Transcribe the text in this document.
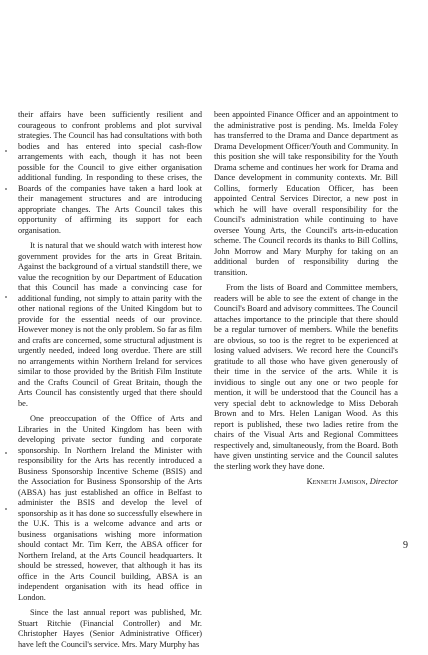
their affairs have been sufficiently resilient and courageous to confront problems and plot survival strategies. The Council has had consultations with both bodies and has entered into special cash-flow arrangements with each, though it has not been possible for the Council to give either organisation additional funding. In responding to these crises, the Boards of the companies have taken a hard look at their management structures and are introducing appropriate changes. The Arts Council takes this opportunity of affirming its support for each organisation.

It is natural that we should watch with interest how government provides for the arts in Great Britain. Against the background of a virtual standstill there, we value the recognition by our Department of Education that this Council has made a convincing case for additional funding, not simply to attain parity with the other national regions of the United Kingdom but to provide for the essential needs of our province. However money is not the only problem. So far as film and crafts are concerned, some structural adjustment is urgently needed, indeed long overdue. There are still no arrangements within Northern Ireland for services similar to those provided by the British Film Institute and the Crafts Council of Great Britain, though the Arts Council has consistently urged that there should be.

One preoccupation of the Office of Arts and Libraries in the United Kingdom has been with developing private sector funding and corporate sponsorship. In Northern Ireland the Minister with responsibility for the Arts has recently introduced a Business Sponsorship Incentive Scheme (BSIS) and the Association for Business Sponsorship of the Arts (ABSA) has just established an office in Belfast to administer the BSIS and develop the level of sponsorship as it has done so successfully elsewhere in the U.K. This is a welcome advance and arts or business organisations wishing more information should contact Mr. Tim Kerr, the ABSA officer for Northern Ireland, at the Arts Council headquarters. It should be stressed, however, that although it has its office in the Arts Council building, ABSA is an independent organisation with its head office in London.

Since the last annual report was published, Mr. Stuart Ritchie (Financial Controller) and Mr. Christopher Hayes (Senior Administrative Officer) have left the Council's service. Mrs. Mary Murphy has

been appointed Finance Officer and an appointment to the administrative post is pending. Ms. Imelda Foley has transferred to the Drama and Dance department as Drama Development Officer/Youth and Community. In this position she will take responsibility for the Youth Drama scheme and continues her work for Drama and Dance development in community contexts. Mr. Bill Collins, formerly Education Officer, has been appointed Central Services Director, a new post in which he will have overall responsibility for the Council's administration while continuing to have oversee Young Arts, the Council's arts-in-education scheme. The Council records its thanks to Bill Collins, John Morrow and Mary Murphy for taking on an additional burden of responsibility during the transition.

From the lists of Board and Committee members, readers will be able to see the extent of change in the Council's Board and advisory committees. The Council attaches importance to the principle that there should be a regular turnover of members. While the benefits are obvious, so too is the regret to be experienced at losing valued advisers. We record here the Council's gratitude to all those who have given generously of their time in the service of the arts. While it is invidious to single out any one or two people for mention, it will be understood that the Council has a very special debt to acknowledge to Miss Deborah Brown and to Mrs. Helen Lanigan Wood. As this report is published, these two ladies retire from the chairs of the Visual Arts and Regional Committees respectively and, simultaneously, from the Board. Both have given unstinting service and the Council salutes the sterling work they have done.

Kenneth Jamison, Director
9
